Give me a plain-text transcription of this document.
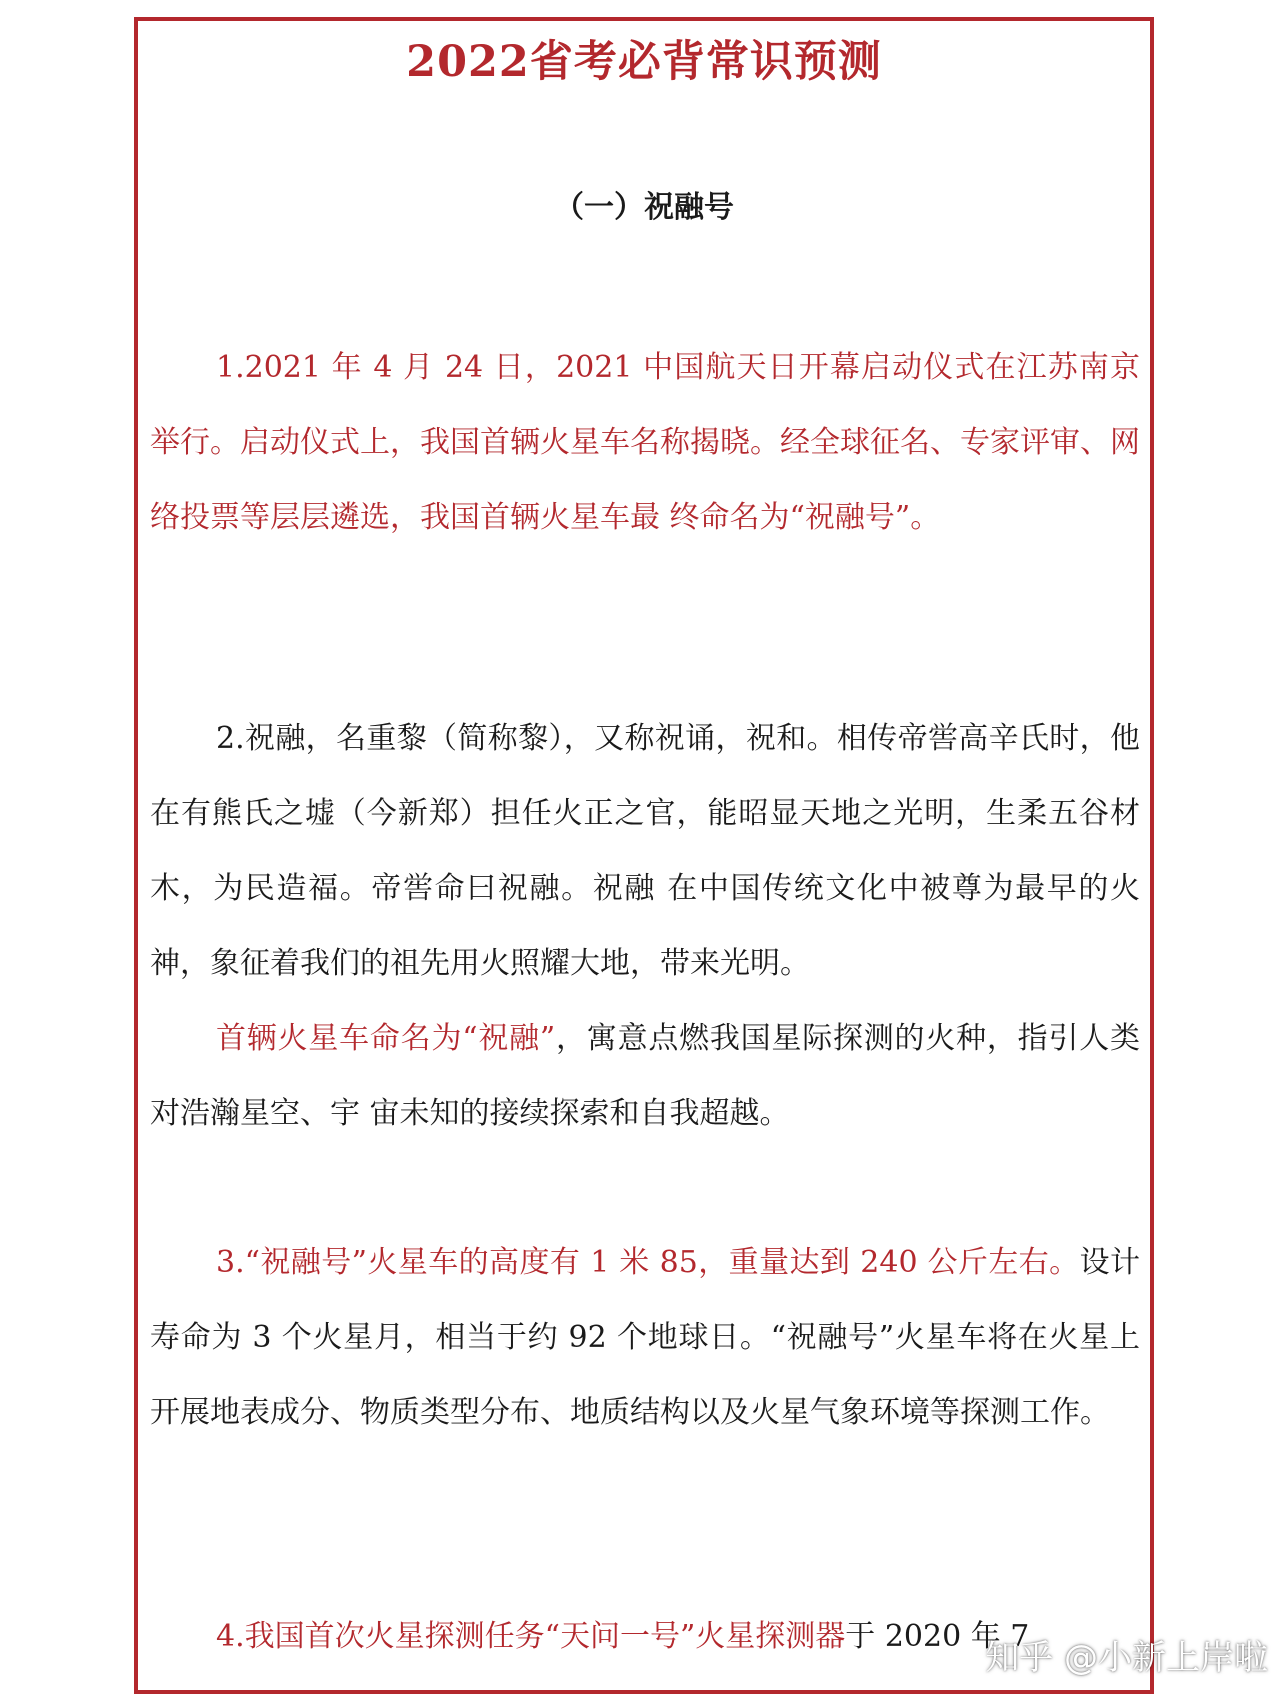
2022省考必背常识预测
（一）祝融号

1.2021 年 4 月 24 日，2021 中国航天日开幕启动仪式在江苏南京举行。启动仪式上，我国首辆火星车名称揭晓。经全球征名、专家评审、网络投票等层层遴选，我国首辆火星车最 终命名为“祝融号”。

2.祝融，名重黎（简称黎），又称祝诵，祝和。相传帝喾高辛氏时，他在有熊氏之墟（今新郑）担任火正之官，能昭显天地之光明，生柔五谷材木，为民造福。帝喾命曰祝融。祝融 在中国传统文化中被尊为最早的火神，象征着我们的祖先用火照耀大地，带来光明。

首辆火星车命名为“祝融”，寓意点燃我国星际探测的火种，指引人类对浩瀚星空、宇 宙未知的接续探索和自我超越。

3.“祝融号”火星车的高度有 1 米 85，重量达到 240 公斤左右。设计寿命为 3 个火星月，相当于约 92 个地球日。“祝融号”火星车将在火星上开展地表成分、物质类型分布、地质结构以及火星气象环境等探测工作。

4.我国首次火星探测任务“天问一号”火星探测器于 2020 年 7

知乎 @小新上岸啦
